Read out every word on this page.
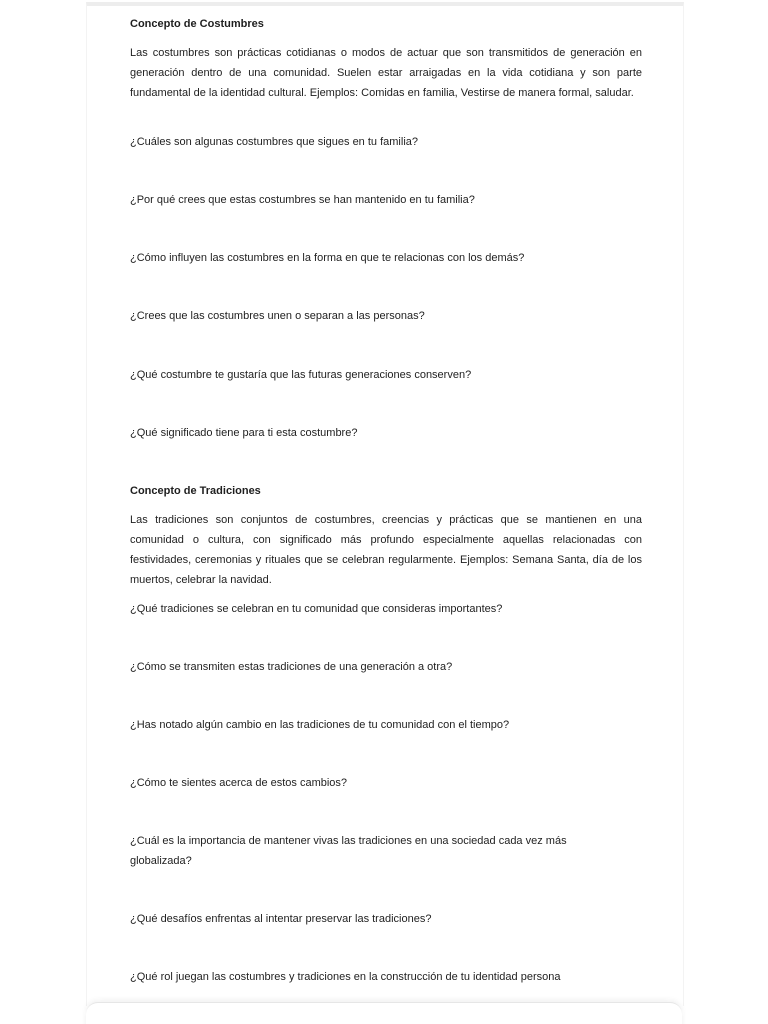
Concepto de Costumbres
Las costumbres son prácticas cotidianas o modos de actuar que son transmitidos de generación en generación dentro de una comunidad. Suelen estar arraigadas en la vida cotidiana y son parte fundamental de la identidad cultural. Ejemplos: Comidas en familia, Vestirse de manera formal, saludar.
¿Cuáles son algunas costumbres que sigues en tu familia?
¿Por qué crees que estas costumbres se han mantenido en tu familia?
¿Cómo influyen las costumbres en la forma en que te relacionas con los demás?
¿Crees que las costumbres unen o separan a las personas?
¿Qué costumbre te gustaría que las futuras generaciones conserven?
¿Qué significado tiene para ti esta costumbre?
Concepto de Tradiciones
Las tradiciones son conjuntos de costumbres, creencias y prácticas que se mantienen en una comunidad o cultura, con significado más profundo especialmente aquellas relacionadas con festividades, ceremonias y rituales que se celebran regularmente. Ejemplos: Semana Santa, día de los muertos, celebrar la navidad.
¿Qué tradiciones se celebran en tu comunidad que consideras importantes?
¿Cómo se transmiten estas tradiciones de una generación a otra?
¿Has notado algún cambio en las tradiciones de tu comunidad con el tiempo?
¿Cómo te sientes acerca de estos cambios?
¿Cuál es la importancia de mantener vivas las tradiciones en una sociedad cada vez más globalizada?
¿Qué desafíos enfrentas al intentar preservar las tradiciones?
¿Qué rol juegan las costumbres y tradiciones en la construcción de tu identidad persona
